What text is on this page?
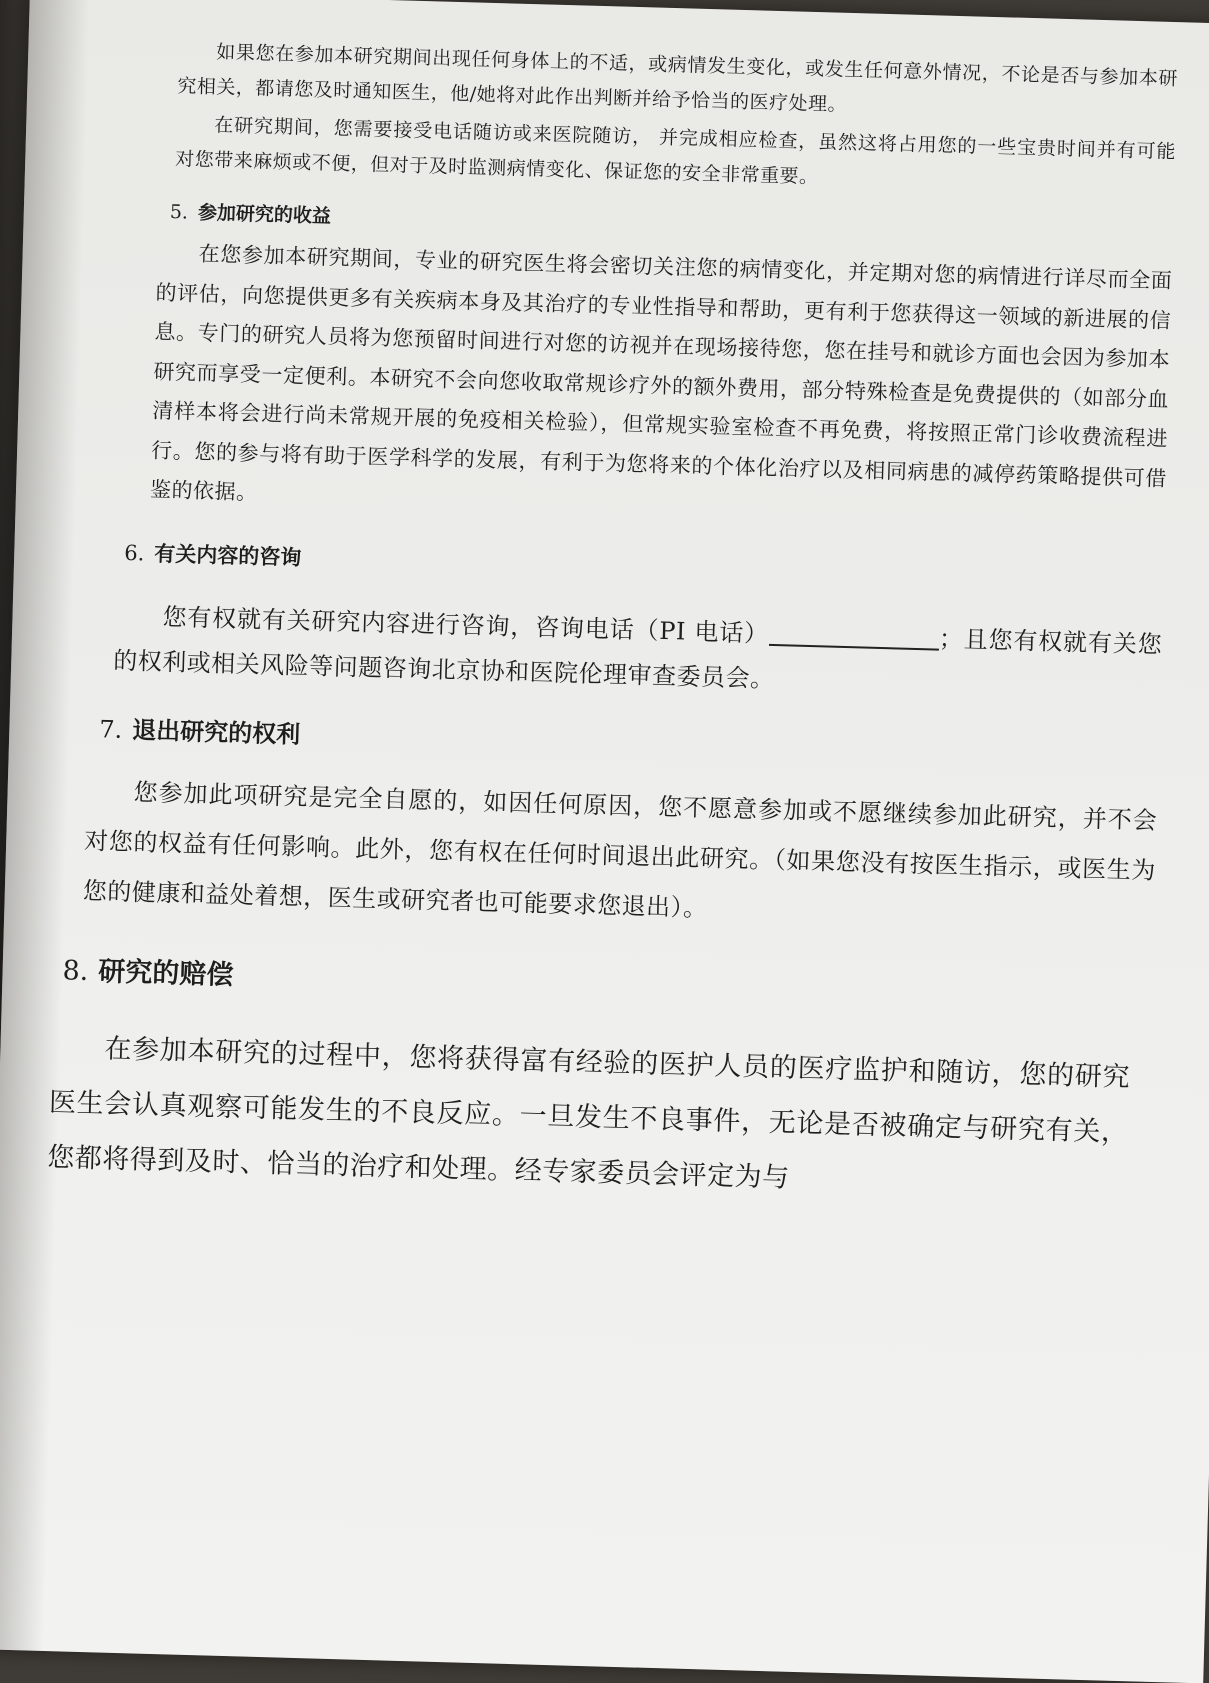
如果您在参加本研究期间出现任何身体上的不适，或病情发生变化，或发生任何意外情况，不论是否与参加本研究相关，都请您及时通知医生，他/她将对此作出判断并给予恰当的医疗处理。

在研究期间，您需要接受电话随访或来医院随访， 并完成相应检查，虽然这将占用您的一些宝贵时间并有可能对您带来麻烦或不便，但对于及时监测病情变化、保证您的安全非常重要。

5. 参加研究的收益

在您参加本研究期间，专业的研究医生将会密切关注您的病情变化，并定期对您的病情进行详尽而全面的评估，向您提供更多有关疾病本身及其治疗的专业性指导和帮助，更有利于您获得这一领域的新进展的信息。专门的研究人员将为您预留时间进行对您的访视并在现场接待您，您在挂号和就诊方面也会因为参加本研究而享受一定便利。本研究不会向您收取常规诊疗外的额外费用，部分特殊检查是免费提供的（如部分血清样本将会进行尚未常规开展的免疫相关检验），但常规实验室检查不再免费，将按照正常门诊收费流程进行。您的参与将有助于医学科学的发展，有利于为您将来的个体化治疗以及相同病患的减停药策略提供可借鉴的依据。

6. 有关内容的咨询

您有权就有关研究内容进行咨询，咨询电话（PI 电话）	；且您有权就有关您的权利或相关风险等问题咨询北京协和医院伦理审查委员会。

7. 退出研究的权利

您参加此项研究是完全自愿的，如因任何原因，您不愿意参加或不愿继续参加此研究，并不会对您的权益有任何影响。此外，您有权在任何时间退出此研究。（如果您没有按医生指示，或医生为您的健康和益处着想，医生或研究者也可能要求您退出）。

8. 研究的赔偿

在参加本研究的过程中，您将获得富有经验的医护人员的医疗监护和随访，您的研究医生会认真观察可能发生的不良反应。一旦发生不良事件，无论是否被确定与研究有关，您都将得到及时、恰当的治疗和处理。经专家委员会评定为与
